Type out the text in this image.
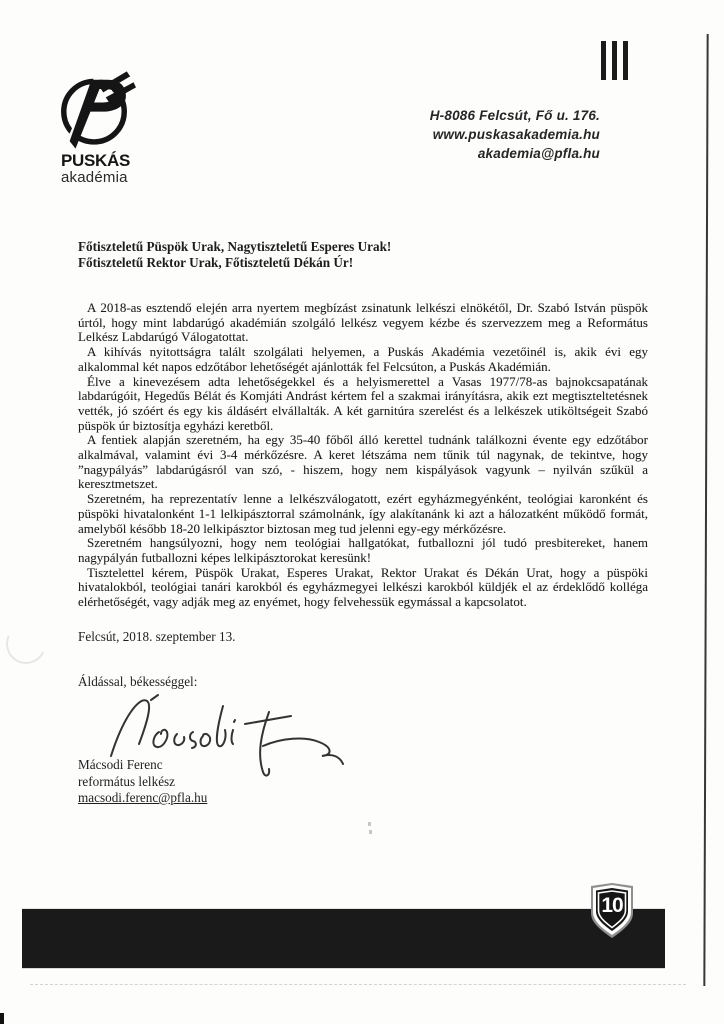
PUSKÁS
akadémia
H-8086 Felcsút, Fő u. 176.
www.puskasakademia.hu
akademia@pfla.hu
Főtiszteletű Püspök Urak, Nagytiszteletű Esperes Urak!
Főtiszteletű Rektor Urak, Főtiszteletű Dékán Úr!

A 2018-as esztendő elején arra nyertem megbízást zsinatunk lelkészi elnökétől, Dr. Szabó István püspök úrtól, hogy mint labdarúgó akadémián szolgáló lelkész vegyem kézbe és szervezzem meg a Református Lelkész Labdarúgó Válogatottat.

A kihívás nyitottságra talált szolgálati helyemen, a Puskás Akadémia vezetőinél is, akik évi egy alkalommal két napos edzőtábor lehetőségét ajánlották fel Felcsúton, a Puskás Akadémián.

Élve a kinevezésem adta lehetőségekkel és a helyismerettel a Vasas 1977/78-as bajnokcsapatának labdarúgóit, Hegedűs Bélát és Komjáti Andrást kértem fel a szakmai irányításra, akik ezt megtiszteltetésnek vették, jó szóért és egy kis áldásért elvállalták. A két garnitúra szerelést és a lelkészek utiköltségeit Szabó püspök úr biztosítja egyházi keretből.

A fentiek alapján szeretném, ha egy 35-40 főből álló kerettel tudnánk találkozni évente egy edzőtábor alkalmával, valamint évi 3-4 mérkőzésre. A keret létszáma nem tűnik túl nagynak, de tekintve, hogy ”nagypályás” labdarúgásról van szó, - hiszem, hogy nem kispályások vagyunk – nyilván szűkül a keresztmetszet.

Szeretném, ha reprezentatív lenne a lelkészválogatott, ezért egyházmegyénként, teológiai karonként és püspöki hivatalonként 1-1 lelkipásztorral számolnánk, így alakítanánk ki azt a hálozatként működő formát, amelyből később 18-20 lelkipásztor biztosan meg tud jelenni egy-egy mérkőzésre.

Szeretném hangsúlyozni, hogy nem teológiai hallgatókat, futballozni jól tudó presbitereket, hanem nagypályán futballozni képes lelkipásztorokat keresünk!

Tisztelettel kérem, Püspök Urakat, Esperes Urakat, Rektor Urakat és Dékán Urat, hogy a püspöki hivatalokból, teológiai tanári karokból és egyházmegyei lelkészi karokból küldjék el az érdeklődő kolléga elérhetőségét, vagy adják meg az enyémet, hogy felvehessük egymással a kapcsolatot.

Felcsút, 2018. szeptember 13.
Áldással, békességgel:
Mácsodi Ferenc
református lelkész
macsodi.ferenc@pfla.hu
10
